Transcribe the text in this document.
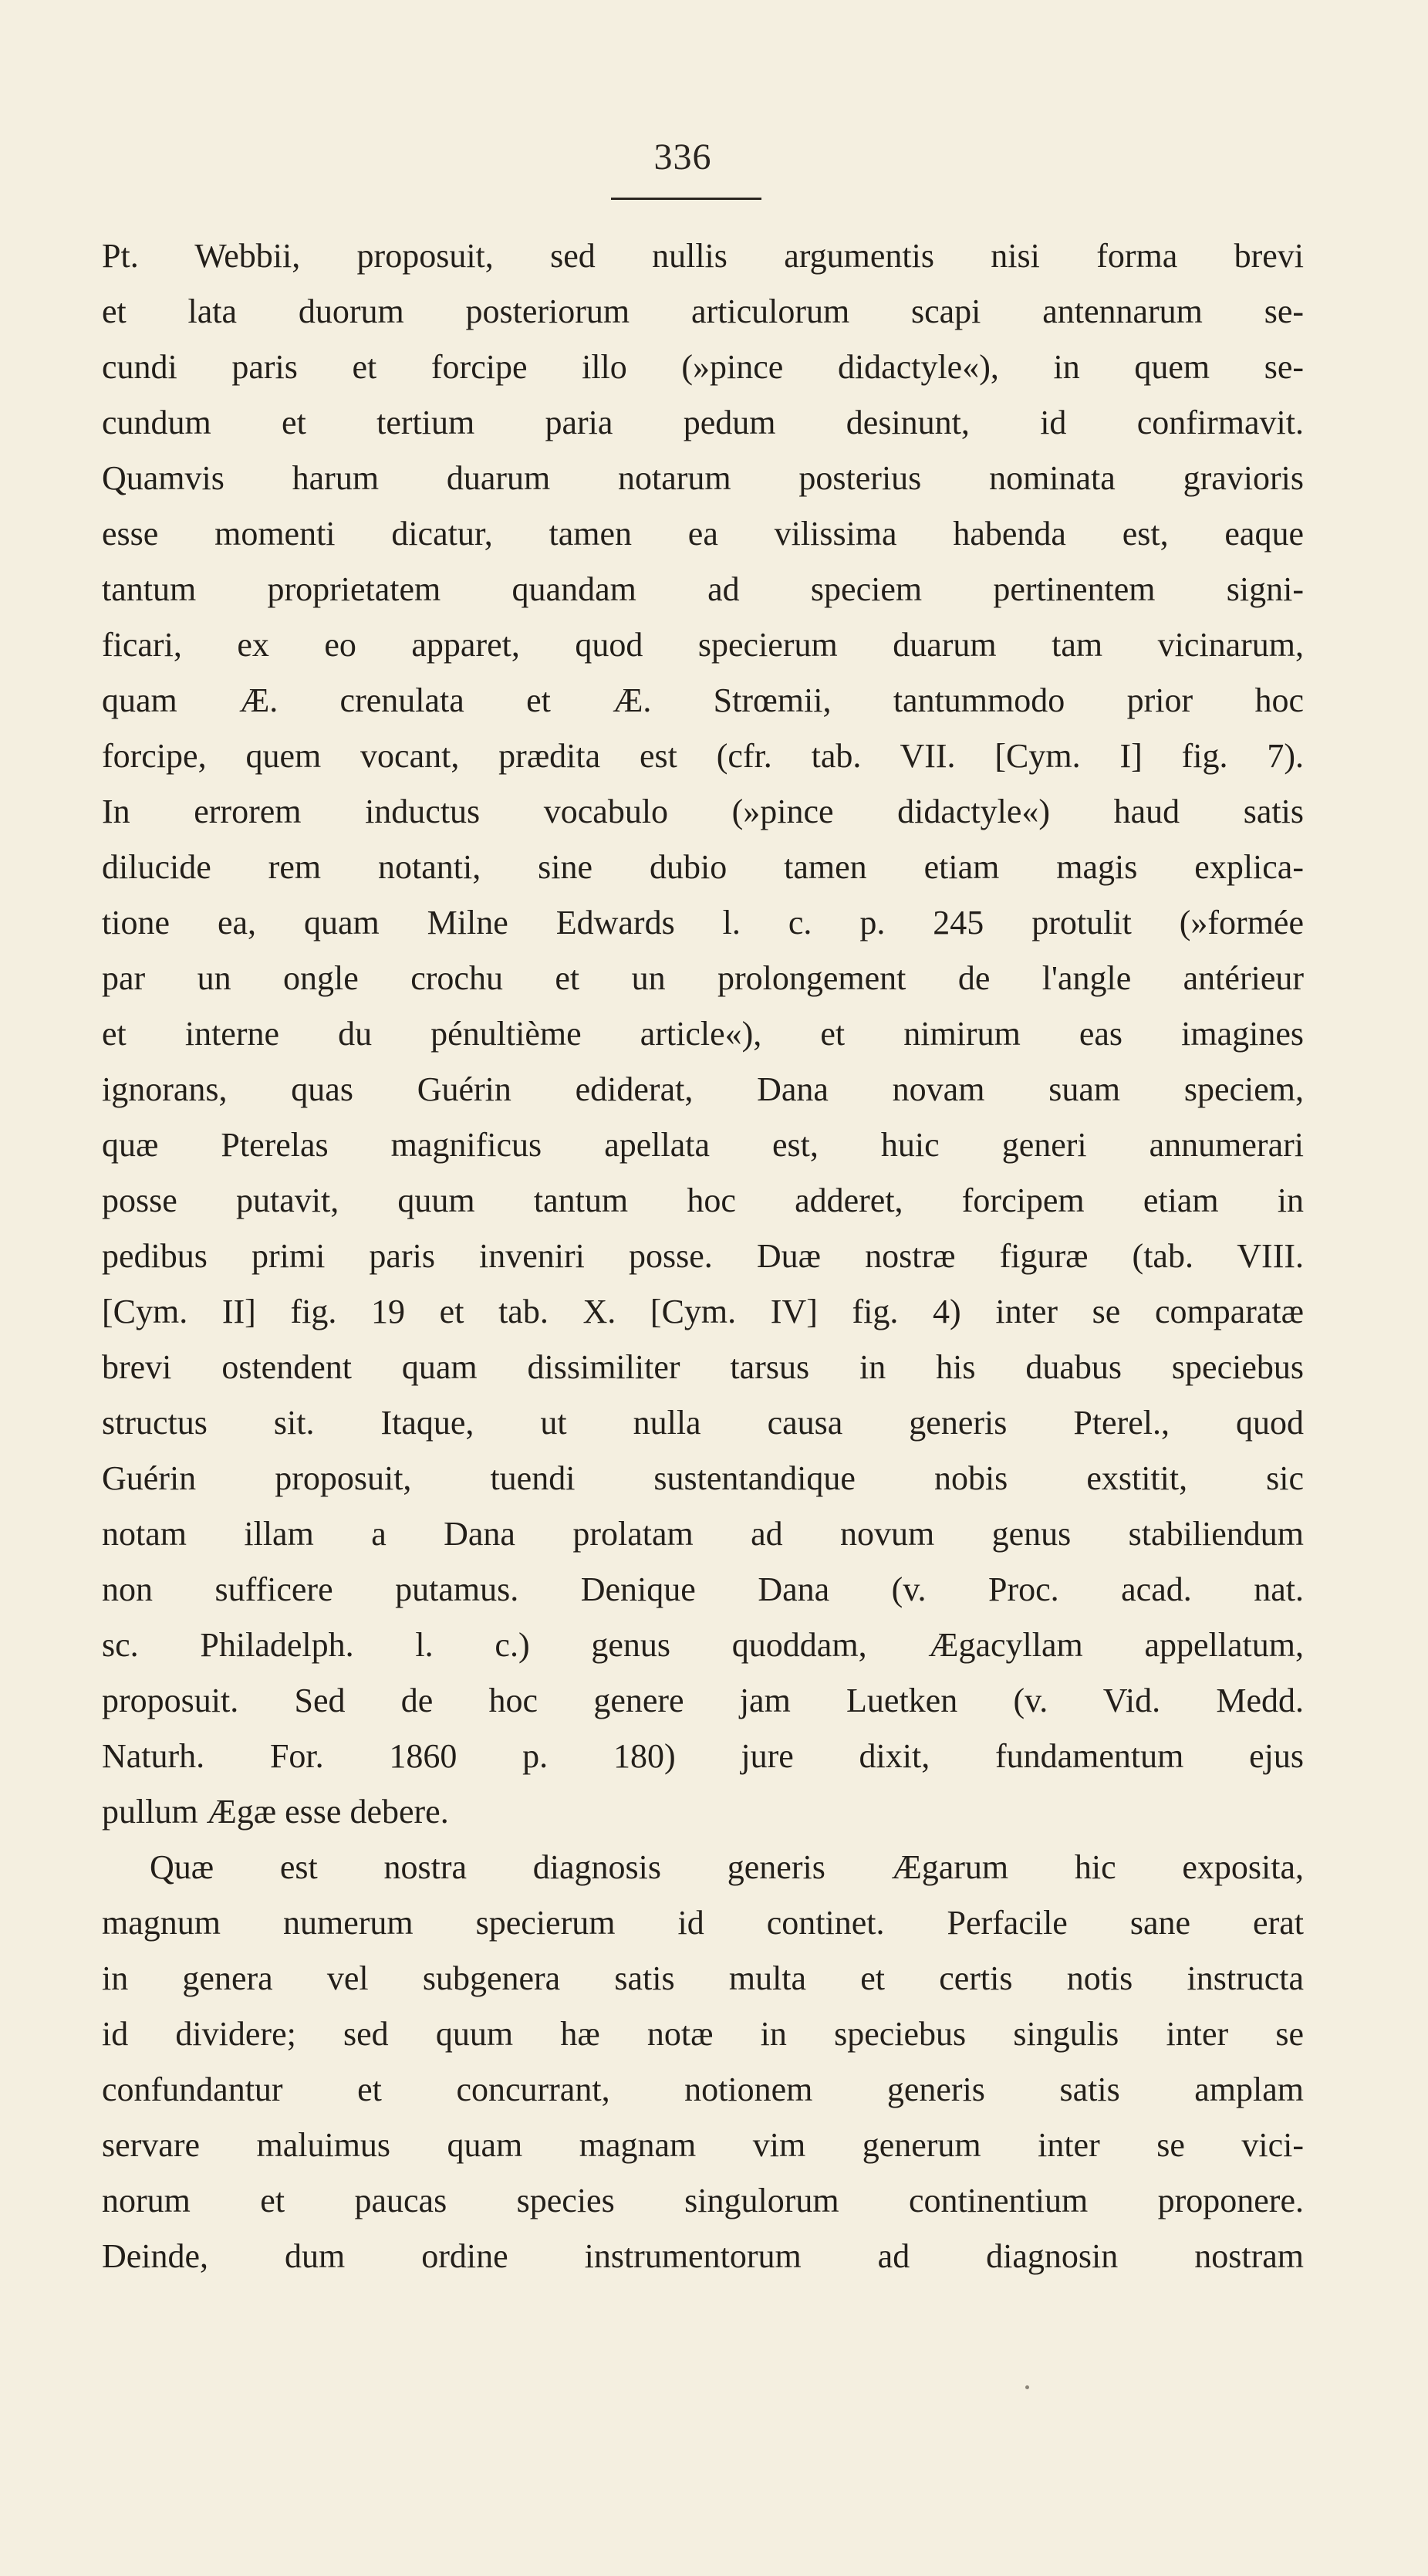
336
Pt. Webbii, proposuit, sed nullis argumentis nisi forma brevi
et lata duorum posteriorum articulorum scapi antennarum se-
cundi paris et forcipe illo (»pince didactyle«), in quem se-
cundum et tertium paria pedum desinunt, id confirmavit.
Quamvis harum duarum notarum posterius nominata gravioris
esse momenti dicatur, tamen ea vilissima habenda est, eaque
tantum proprietatem quandam ad speciem pertinentem signi-
ficari, ex eo apparet, quod specierum duarum tam vicinarum,
quam Æ. crenulata et Æ. Strœmii, tantummodo prior hoc
forcipe, quem vocant, prædita est (cfr. tab. VII. [Cym. I] fig. 7).
In errorem inductus vocabulo (»pince didactyle«) haud satis
dilucide rem notanti, sine dubio tamen etiam magis explica-
tione ea, quam Milne Edwards l. c. p. 245 protulit (»formée
par un ongle crochu et un prolongement de l'angle antérieur
et interne du pénultième article«), et nimirum eas imagines
ignorans, quas Guérin ediderat, Dana novam suam speciem,
quæ Pterelas magnificus apellata est, huic generi annumerari
posse putavit, quum tantum hoc adderet, forcipem etiam in
pedibus primi paris inveniri posse. Duæ nostræ figuræ (tab. VIII.
[Cym. II] fig. 19 et tab. X. [Cym. IV] fig. 4) inter se comparatæ
brevi ostendent quam dissimiliter tarsus in his duabus speciebus
structus sit. Itaque, ut nulla causa generis Pterel., quod
Guérin proposuit, tuendi sustentandique nobis exstitit, sic
notam illam a Dana prolatam ad novum genus stabiliendum
non sufficere putamus. Denique Dana (v. Proc. acad. nat.
sc. Philadelph. l. c.) genus quoddam, Ægacyllam appellatum,
proposuit. Sed de hoc genere jam Luetken (v. Vid. Medd.
Naturh. For. 1860 p. 180) jure dixit, fundamentum ejus
pullum Ægæ esse debere.
Quæ est nostra diagnosis generis Ægarum hic exposita,
magnum numerum specierum id continet. Perfacile sane erat
in genera vel subgenera satis multa et certis notis instructa
id dividere; sed quum hæ notæ in speciebus singulis inter se
confundantur et concurrant, notionem generis satis amplam
servare maluimus quam magnam vim generum inter se vici-
norum et paucas species singulorum continentium proponere.
Deinde, dum ordine instrumentorum ad diagnosin nostram
